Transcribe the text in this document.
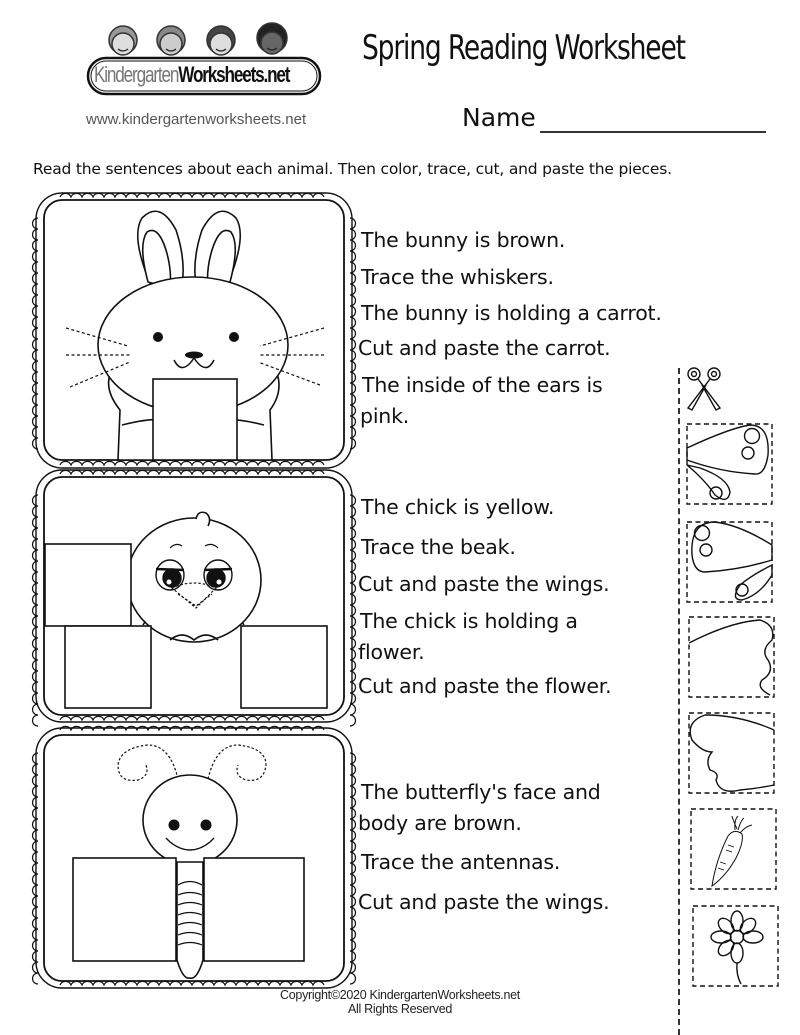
KindergartenWorksheets.net
www.kindergartenworksheets.net
Spring Reading Worksheet
Name
Read the sentences about each animal. Then color, trace, cut, and paste the pieces.
The bunny is brown.
Trace the whiskers.
The bunny is holding a carrot.
Cut and paste the carrot.
The inside of the ears is
pink.
The chick is yellow.
Trace the beak.
Cut and paste the wings.
The chick is holding a
flower.
Cut and paste the flower.
The butterfly's face and
body are brown.
Trace the antennas.
Cut and paste the wings.
Copyright©2020 KindergartenWorksheets.net
All Rights Reserved
